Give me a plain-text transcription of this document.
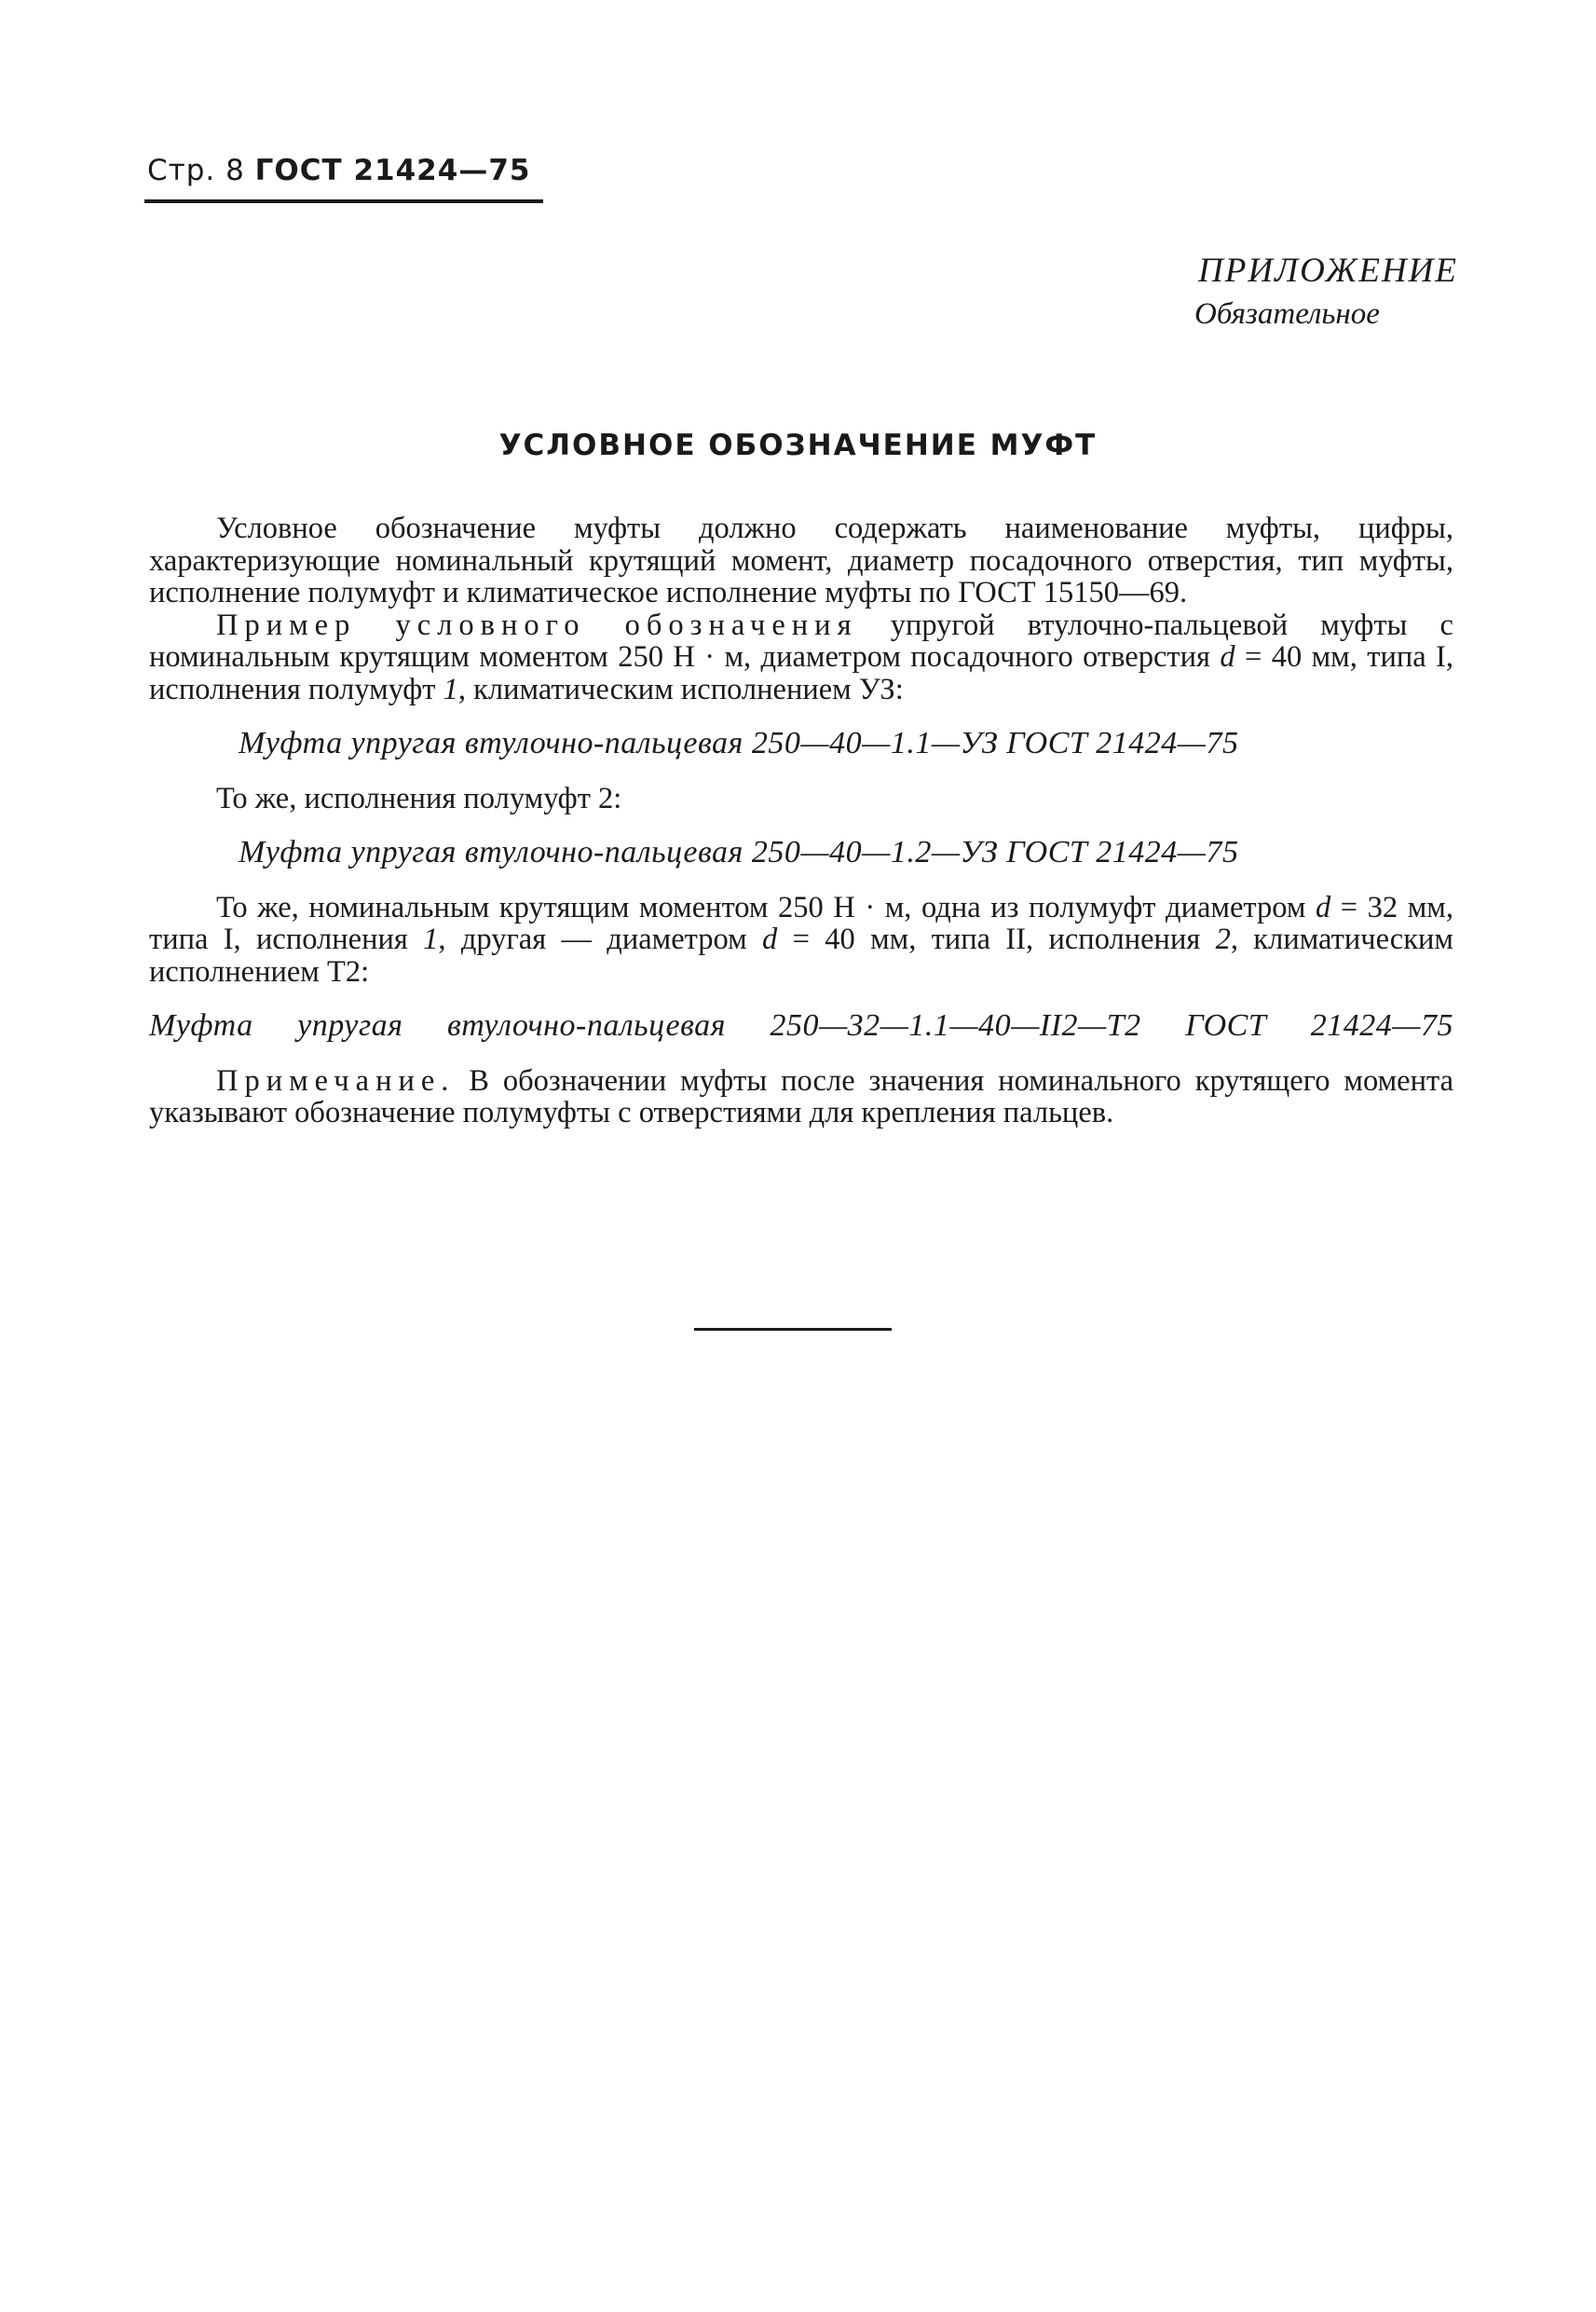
Стр. 8 ГОСТ 21424—75
ПРИЛОЖЕНИЕ
Обязательное
УСЛОВНОЕ ОБОЗНАЧЕНИЕ МУФТ

Условное обозначение муфты должно содержать наименование муфты, цифры, характеризующие номинальный крутящий момент, диаметр посадочного отверстия, тип муфты, исполнение полумуфт и климатическое исполнение муфты по ГОСТ 15150—69.

Пример условного обозначения упругой втулочно-пальцевой муфты с номинальным крутящим моментом 250 Н · м, диаметром посадочного отверстия d = 40 мм, типа I, исполнения полумуфт 1, климатическим исполнением УЗ:

Муфта упругая втулочно-пальцевая 250—40—1.1—УЗ ГОСТ 21424—75

То же, исполнения полумуфт 2:

Муфта упругая втулочно-пальцевая 250—40—1.2—УЗ ГОСТ 21424—75

То же, номинальным крутящим моментом 250 Н · м, одна из полумуфт диаметром d = 32 мм, типа I, исполнения 1, другая — диаметром d = 40 мм, типа II, исполнения 2, климатическим исполнением Т2:

Муфта упругая втулочно-пальцевая 250—32—1.1—40—II2—Т2 ГОСТ 21424—75

Примечание. В обозначении муфты после значения номинального крутящего момента указывают обозначение полумуфты с отверстиями для крепления пальцев.
